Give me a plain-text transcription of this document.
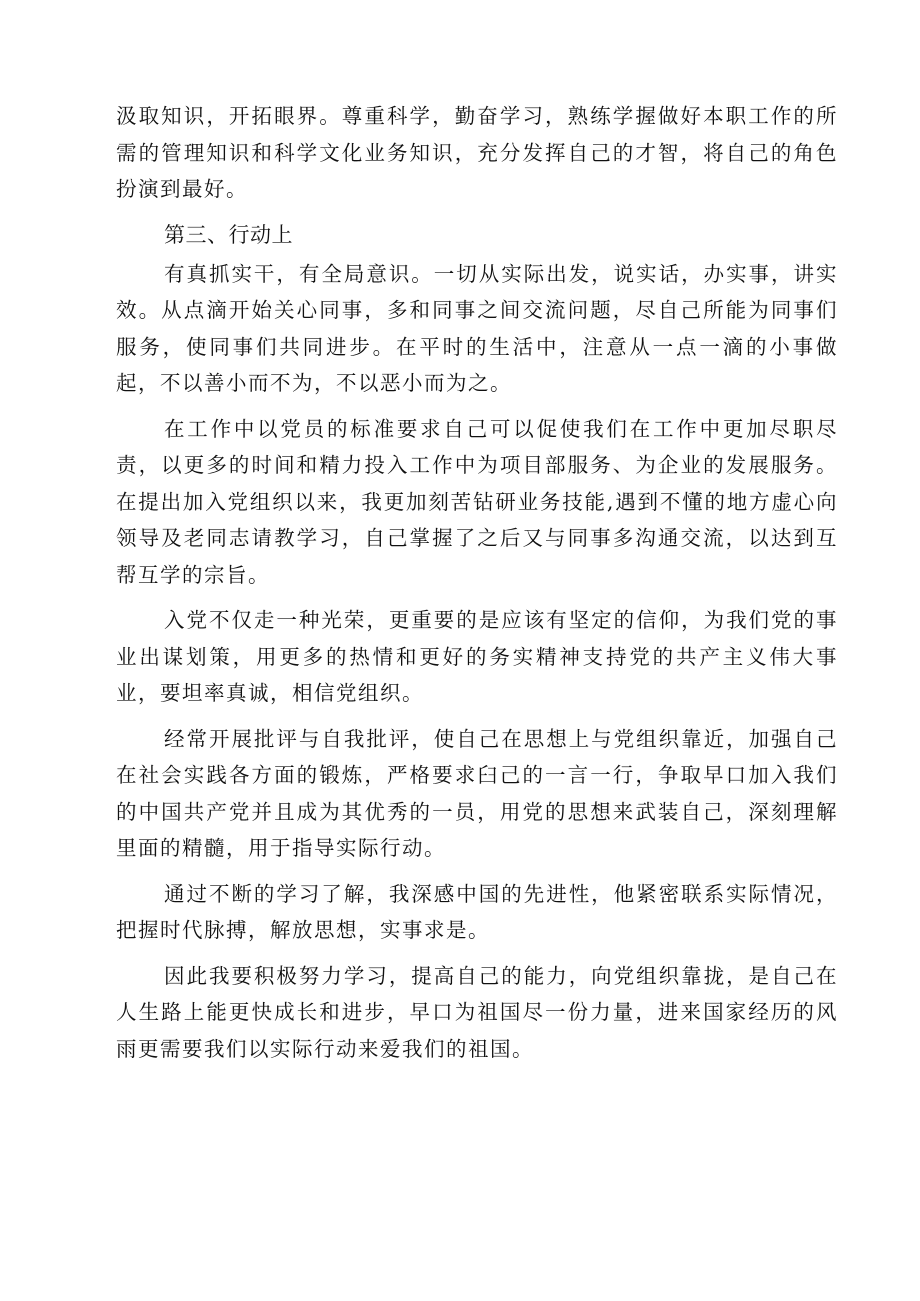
汲取知识，开拓眼界。尊重科学，勤奋学习，熟练学握做好本职工作的所需的管理知识和科学文化业务知识，充分发挥自己的才智，将自己的角色扮演到最好。

第三、行动上

有真抓实干，有全局意识。一切从实际出发，说实话，办实事，讲实效。从点滴开始关心同事，多和同事之间交流问题，尽自己所能为同事们服务，使同事们共同进步。在平时的生活中，注意从一点一滴的小事做起，不以善小而不为，不以恶小而为之。

在工作中以党员的标准要求自己可以促使我们在工作中更加尽职尽责，以更多的时间和精力投入工作中为项目部服务、为企业的发展服务。在提出加入党组织以来，我更加刻苦钻研业务技能,遇到不懂的地方虚心向领导及老同志请教学习，自己掌握了之后又与同事多沟通交流，以达到互帮互学的宗旨。

入党不仅走一种光荣，更重要的是应该有坚定的信仰，为我们党的事业出谋划策，用更多的热情和更好的务实精神支持党的共产主义伟大事业，要坦率真诚，相信党组织。

经常开展批评与自我批评，使自己在思想上与党组织靠近，加强自己在社会实践各方面的锻炼，严格要求臼己的一言一行，争取早口加入我们的中国共产党并且成为其优秀的一员，用党的思想来武装自己，深刻理解里面的精髓，用于指导实际行动。

通过不断的学习了解，我深感中国的先进性，他紧密联系实际情况，把握时代脉搏，解放思想，实事求是。

因此我要积极努力学习，提高自己的能力，向党组织靠拢，是自己在人生路上能更快成长和进步，早口为祖国尽一份力量，进来国家经历的风雨更需要我们以实际行动来爱我们的祖国。
